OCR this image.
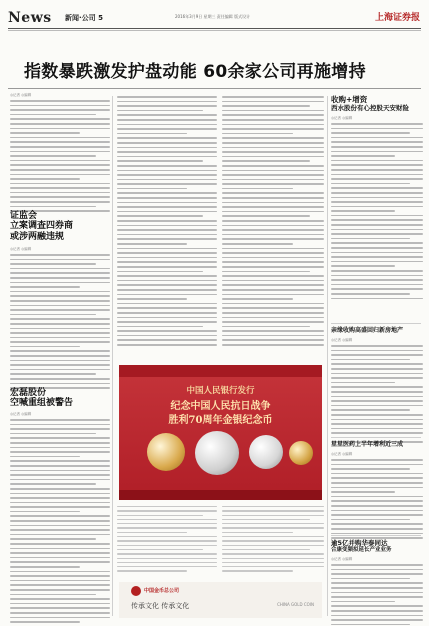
News 新闻·公司 5	2016年3月9日 星期三 责任编辑 版式设计	上海证券报
指数暴跌激发护盘动能 60余家公司再施增持
◎记者 ◎编辑
证监会
立案调查四券商
或涉两融违规
◎记者 ◎编辑
宏磊股份
空喊重组被警告
◎记者 ◎编辑
中国人民银行发行
纪念中国人民抗日战争
胜利70周年金银纪念币
中国金币总公司
传承文化 传承文化	CHINA GOLD COIN
收购+增资
西水股份有心控股天安财险
◎记者 ◎编辑
亲缘收购高盛回归新房地产
◎记者 ◎编辑
星星医药上半年增利近三成
◎记者 ◎编辑
逾5亿并购华泰同达
合康变频拟延长产业业务
◎记者 ◎编辑
